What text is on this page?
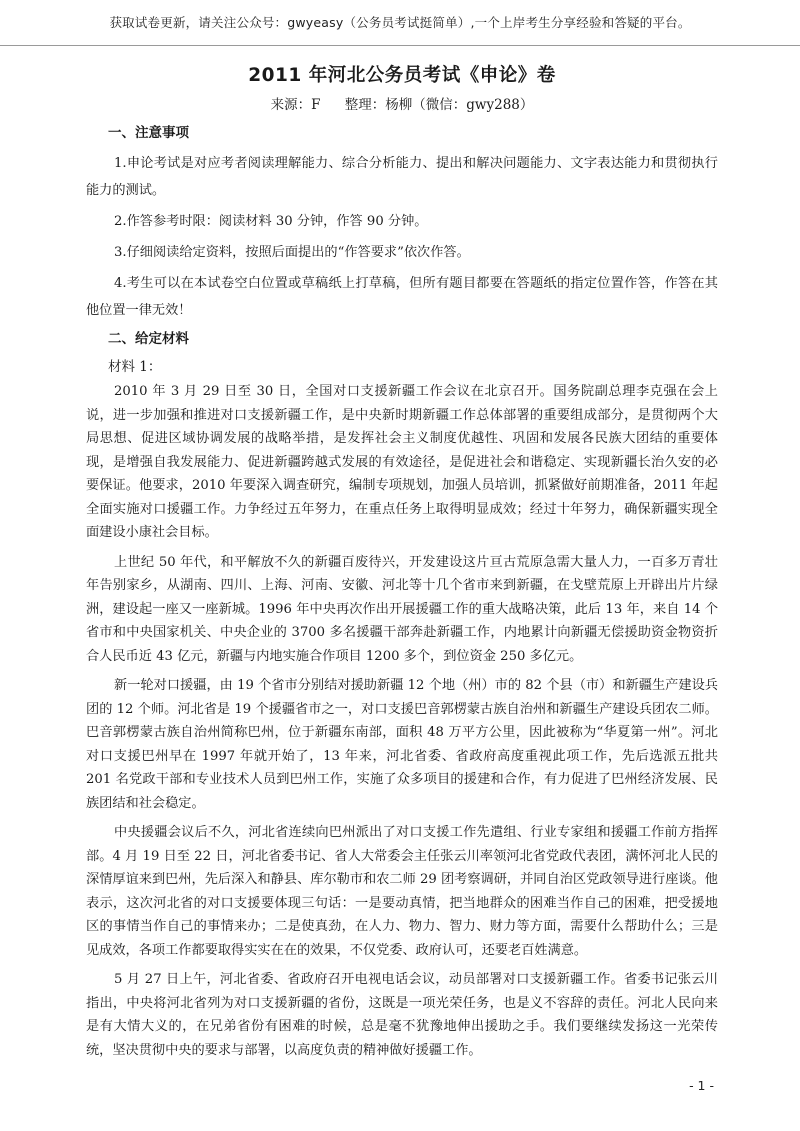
获取试卷更新，请关注公众号：gwyeasy（公务员考试挺简单）,一个上岸考生分享经验和答疑的平台。
2011 年河北公务员考试《申论》卷
来源：F 整理：杨柳（微信：gwy288）
一、注意事项

1.申论考试是对应考者阅读理解能力、综合分析能力、提出和解决问题能力、文字表达能力和贯彻执行能力的测试。

2.作答参考时限：阅读材料 30 分钟，作答 90 分钟。

3.仔细阅读给定资料，按照后面提出的“作答要求”依次作答。

4.考生可以在本试卷空白位置或草稿纸上打草稿，但所有题目都要在答题纸的指定位置作答，作答在其他位置一律无效！

二、给定材料
材料 1：

2010 年 3 月 29 日至 30 日，全国对口支援新疆工作会议在北京召开。国务院副总理李克强在会上说，进一步加强和推进对口支援新疆工作，是中央新时期新疆工作总体部署的重要组成部分，是贯彻两个大局思想、促进区域协调发展的战略举措，是发挥社会主义制度优越性、巩固和发展各民族大团结的重要体现，是增强自我发展能力、促进新疆跨越式发展的有效途径，是促进社会和谐稳定、实现新疆长治久安的必要保证。他要求，2010 年要深入调查研究，编制专项规划，加强人员培训，抓紧做好前期准备，2011 年起全面实施对口援疆工作。力争经过五年努力，在重点任务上取得明显成效；经过十年努力，确保新疆实现全面建设小康社会目标。

上世纪 50 年代，和平解放不久的新疆百废待兴，开发建设这片亘古荒原急需大量人力，一百多万青壮年告别家乡，从湖南、四川、上海、河南、安徽、河北等十几个省市来到新疆，在戈壁荒原上开辟出片片绿洲，建设起一座又一座新城。1996 年中央再次作出开展援疆工作的重大战略决策，此后 13 年，来自 14 个省市和中央国家机关、中央企业的 3700 多名援疆干部奔赴新疆工作，内地累计向新疆无偿援助资金物资折合人民币近 43 亿元，新疆与内地实施合作项目 1200 多个，到位资金 250 多亿元。

新一轮对口援疆，由 19 个省市分别结对援助新疆 12 个地（州）市的 82 个县（市）和新疆生产建设兵团的 12 个师。河北省是 19 个援疆省市之一，对口支援巴音郭楞蒙古族自治州和新疆生产建设兵团农二师。巴音郭楞蒙古族自治州简称巴州，位于新疆东南部，面积 48 万平方公里，因此被称为“华夏第一州”。河北对口支援巴州早在 1997 年就开始了，13 年来，河北省委、省政府高度重视此项工作，先后选派五批共 201 名党政干部和专业技术人员到巴州工作，实施了众多项目的援建和合作，有力促进了巴州经济发展、民族团结和社会稳定。

中央援疆会议后不久，河北省连续向巴州派出了对口支援工作先遣组、行业专家组和援疆工作前方指挥部。4 月 19 日至 22 日，河北省委书记、省人大常委会主任张云川率领河北省党政代表团，满怀河北人民的深情厚谊来到巴州，先后深入和静县、库尔勒市和农二师 29 团考察调研，并同自治区党政领导进行座谈。他表示，这次河北省的对口支援要体现三句话：一是要动真情，把当地群众的困难当作自己的困难，把受援地区的事情当作自己的事情来办；二是使真劲，在人力、物力、智力、财力等方面，需要什么帮助什么；三是见成效，各项工作都要取得实实在在的效果，不仅党委、政府认可，还要老百姓满意。

5 月 27 日上午，河北省委、省政府召开电视电话会议，动员部署对口支援新疆工作。省委书记张云川指出，中央将河北省列为对口支援新疆的省份，这既是一项光荣任务，也是义不容辞的责任。河北人民向来是有大情大义的，在兄弟省份有困难的时候，总是毫不犹豫地伸出援助之手。我们要继续发扬这一光荣传统，坚决贯彻中央的要求与部署，以高度负责的精神做好援疆工作。

- 1 -
